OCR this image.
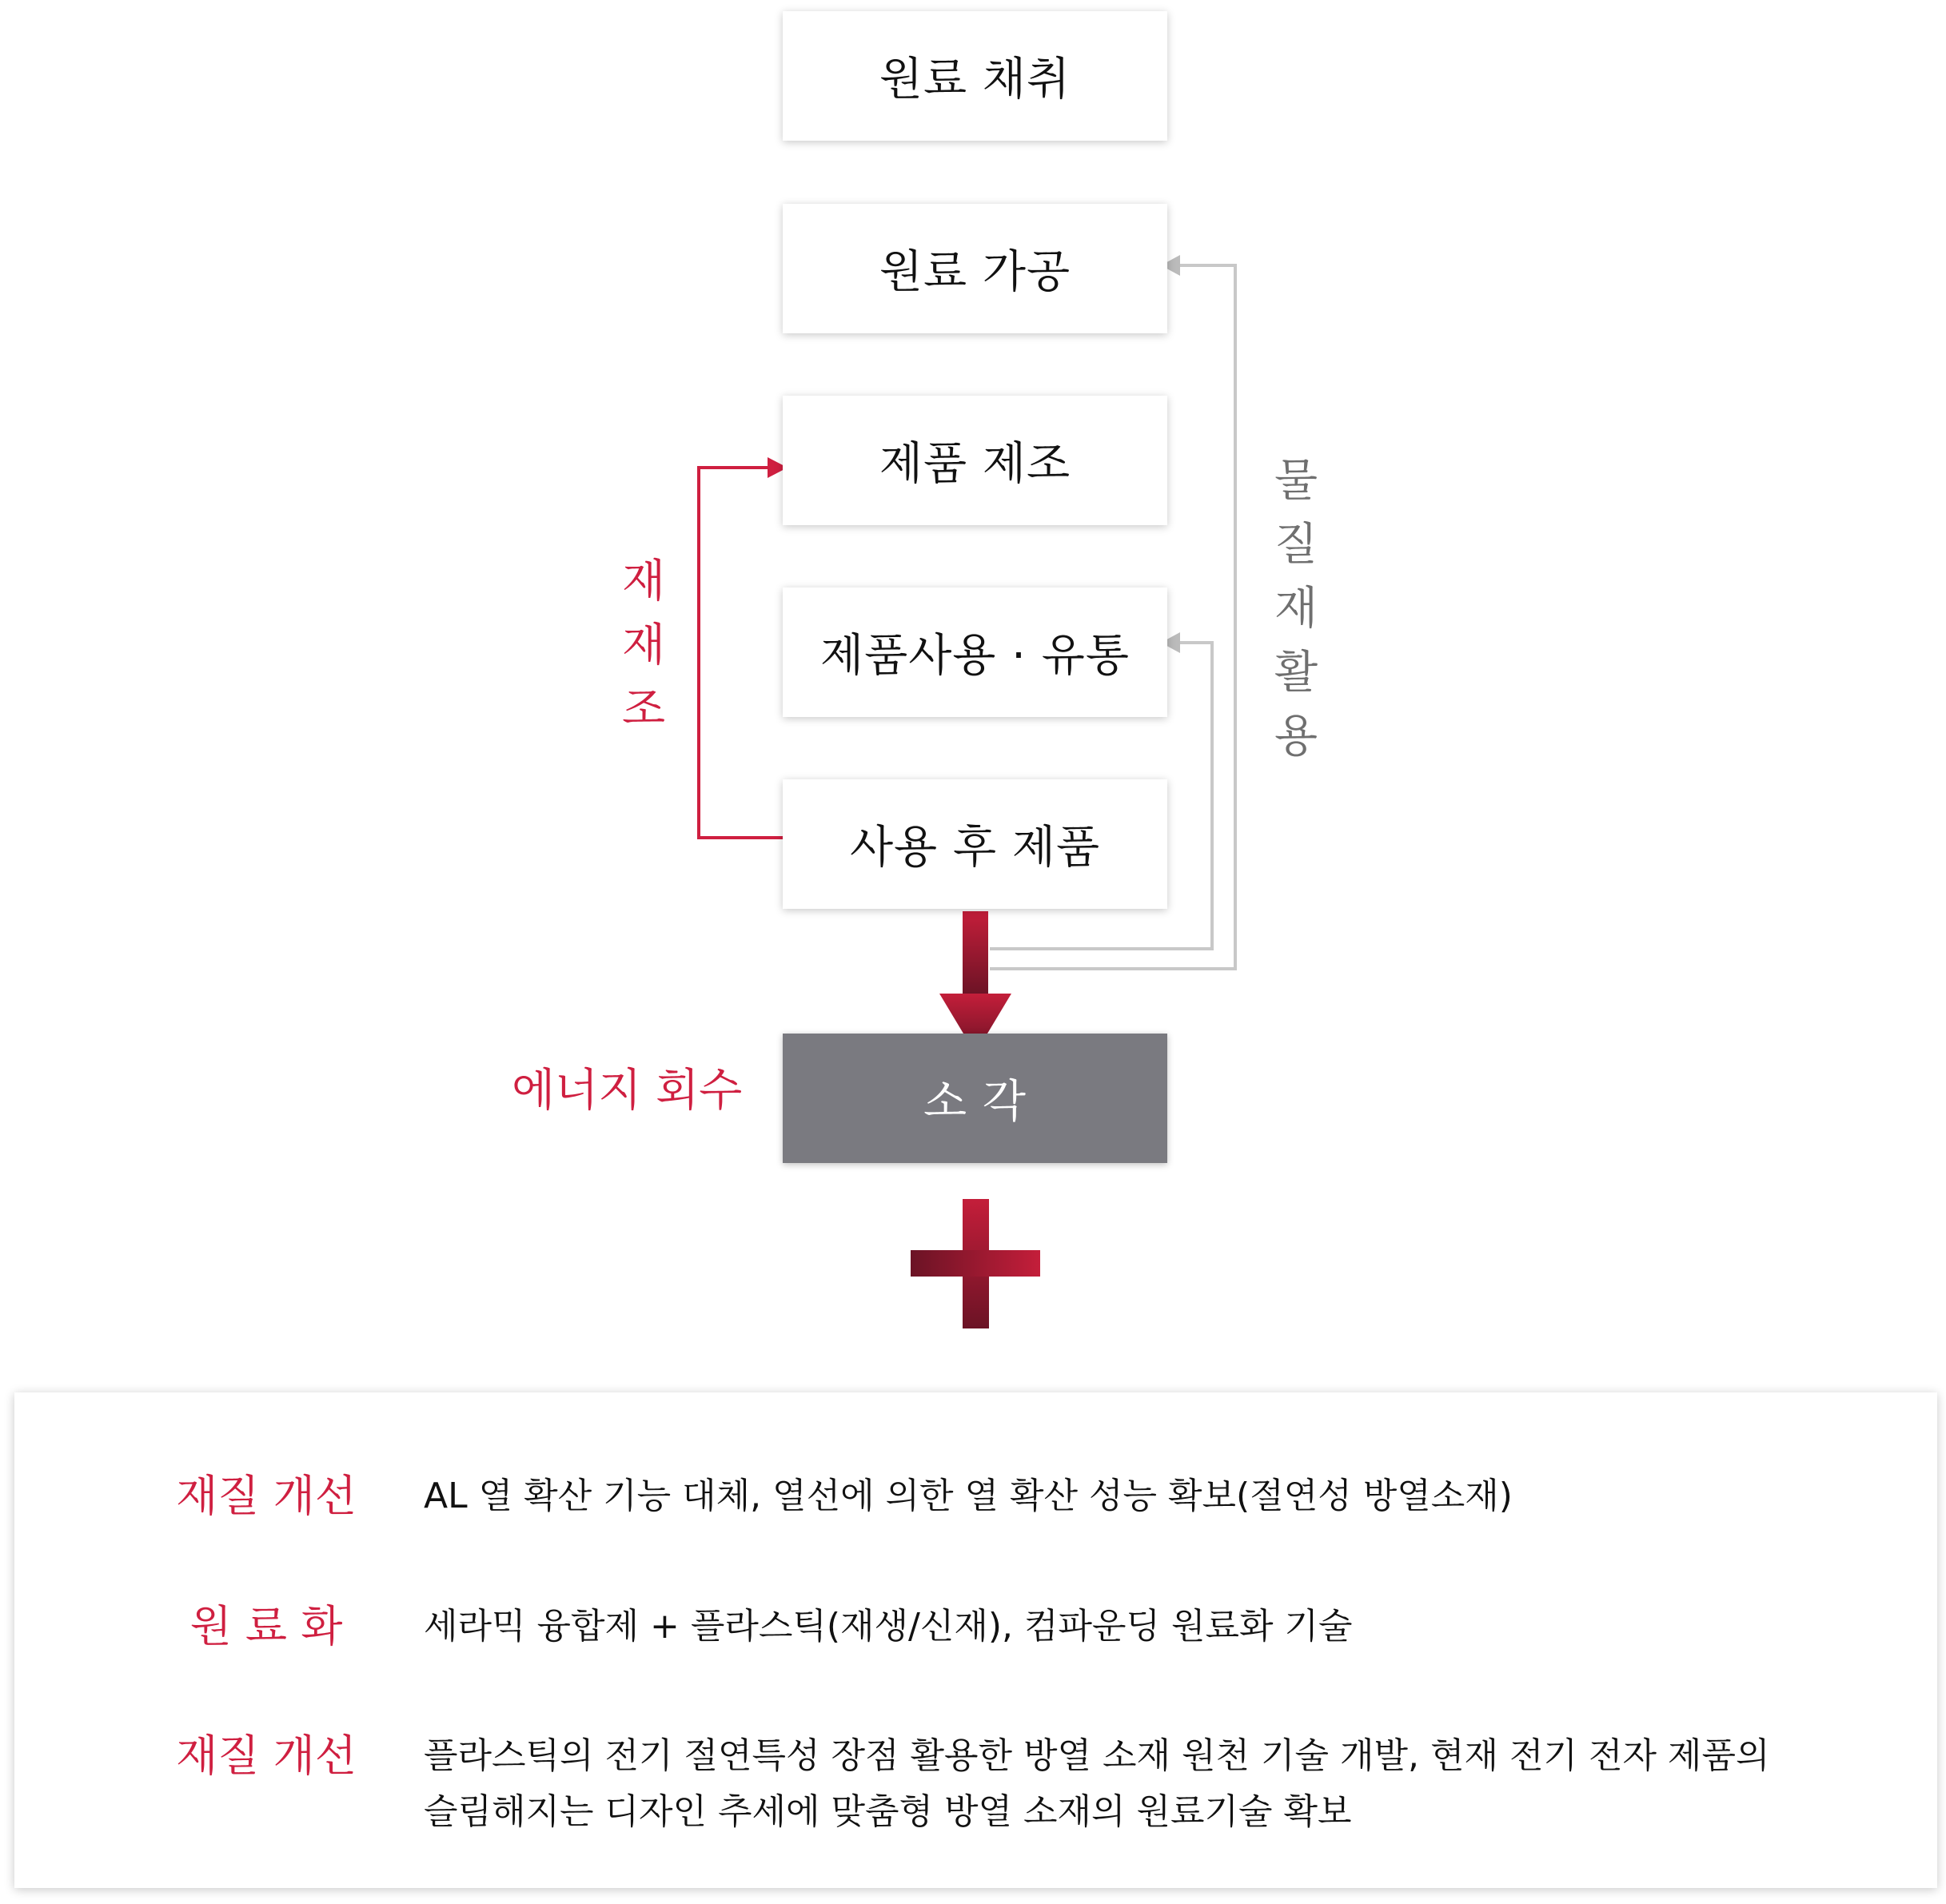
원료 채취
원료 가공
제품 제조
제품사용 · 유통
사용 후 제품
소 각
재
재
조
물
질
재
활
용
에너지 회수
재질 개선	AL 열 확산 기능 대체, 열선에 의한 열 확산 성능 확보(절연성 방열소재)
원 료 화	세라믹 융합제 + 플라스틱(재생/신재), 컴파운딩 원료화 기술
재질 개선	플라스틱의 전기 절연특성 장점 활용한 방열 소재 원천 기술 개발, 현재 전기 전자 제품의
슬림해지는 디자인 추세에 맞춤형 방열 소재의 원료기술 확보
